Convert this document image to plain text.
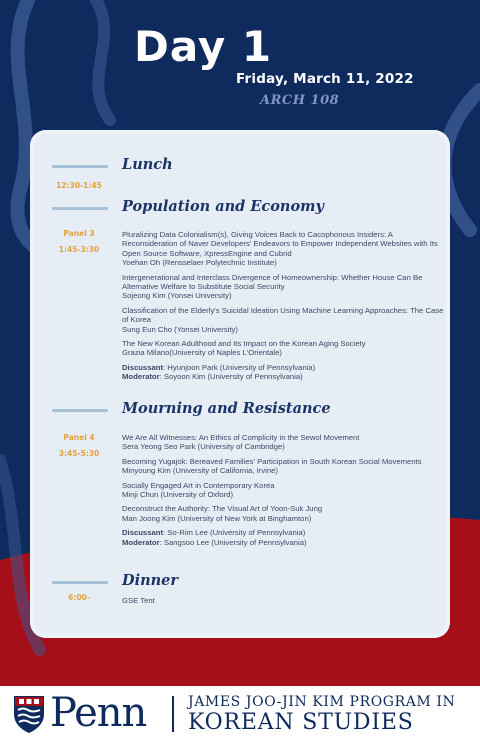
Day 1
Friday, March 11, 2022
ARCH 108
Lunch
12:30-1:45
Population and Economy
Panel 3
1:45-3:30
Pluralizing Data Colonialism(s), Giving Voices Back to Cacophonous Insiders: A Reconsideration of Naver Developers' Endeavors to Empower Independent Websites with Its Open Source Software, XpressEngine and Cubrid
Yoehan Oh (Rensselaer Polytechnic Institute)
Intergenerational and Interclass Divergence of Homeownership: Whether House Can Be Alternative Welfare to Substitute Social Security
Sojeong Kim (Yonsei University)
Classification of the Elderly's Suicidal Ideation Using Machine Learning Approaches: The Case of Korea
Sung Eun Cho (Yonsei University)
The New Korean Adulthood and Its Impact on the Korean Aging Society
Grazia Milano(University of Naples L'Orientale)
Discussant: Hyunjoon Park (University of Pennsylvania)
Moderator: Soyoon Kim (University of Pennsylvania)
Mourning and Resistance
Panel 4
3:45-5:30
We Are All Witnesses: An Ethics of Complicity in the Sewol Movement
Sera Yeong Seo Park (University of Cambridge)
Becoming Yugajok: Bereaved Families' Participation in South Korean Social Movements
Minyoung Kim (University of California, Irvine)
Socially Engaged Art in Contemporary Korea
Minji Chun (University of Oxford)
Deconstruct the Authority: The Visual Art of Yoon-Suk Jung
Man Joong Kim (University of New York at Binghamton)
Discussant: So-Rim Lee (University of Pennsylvania)
Moderator: Sangsoo Lee (University of Pennsylvania)
Dinner
6:00-	GSE Tent
Penn	JAMES JOO-JIN KIM PROGRAM IN
KOREAN STUDIES
